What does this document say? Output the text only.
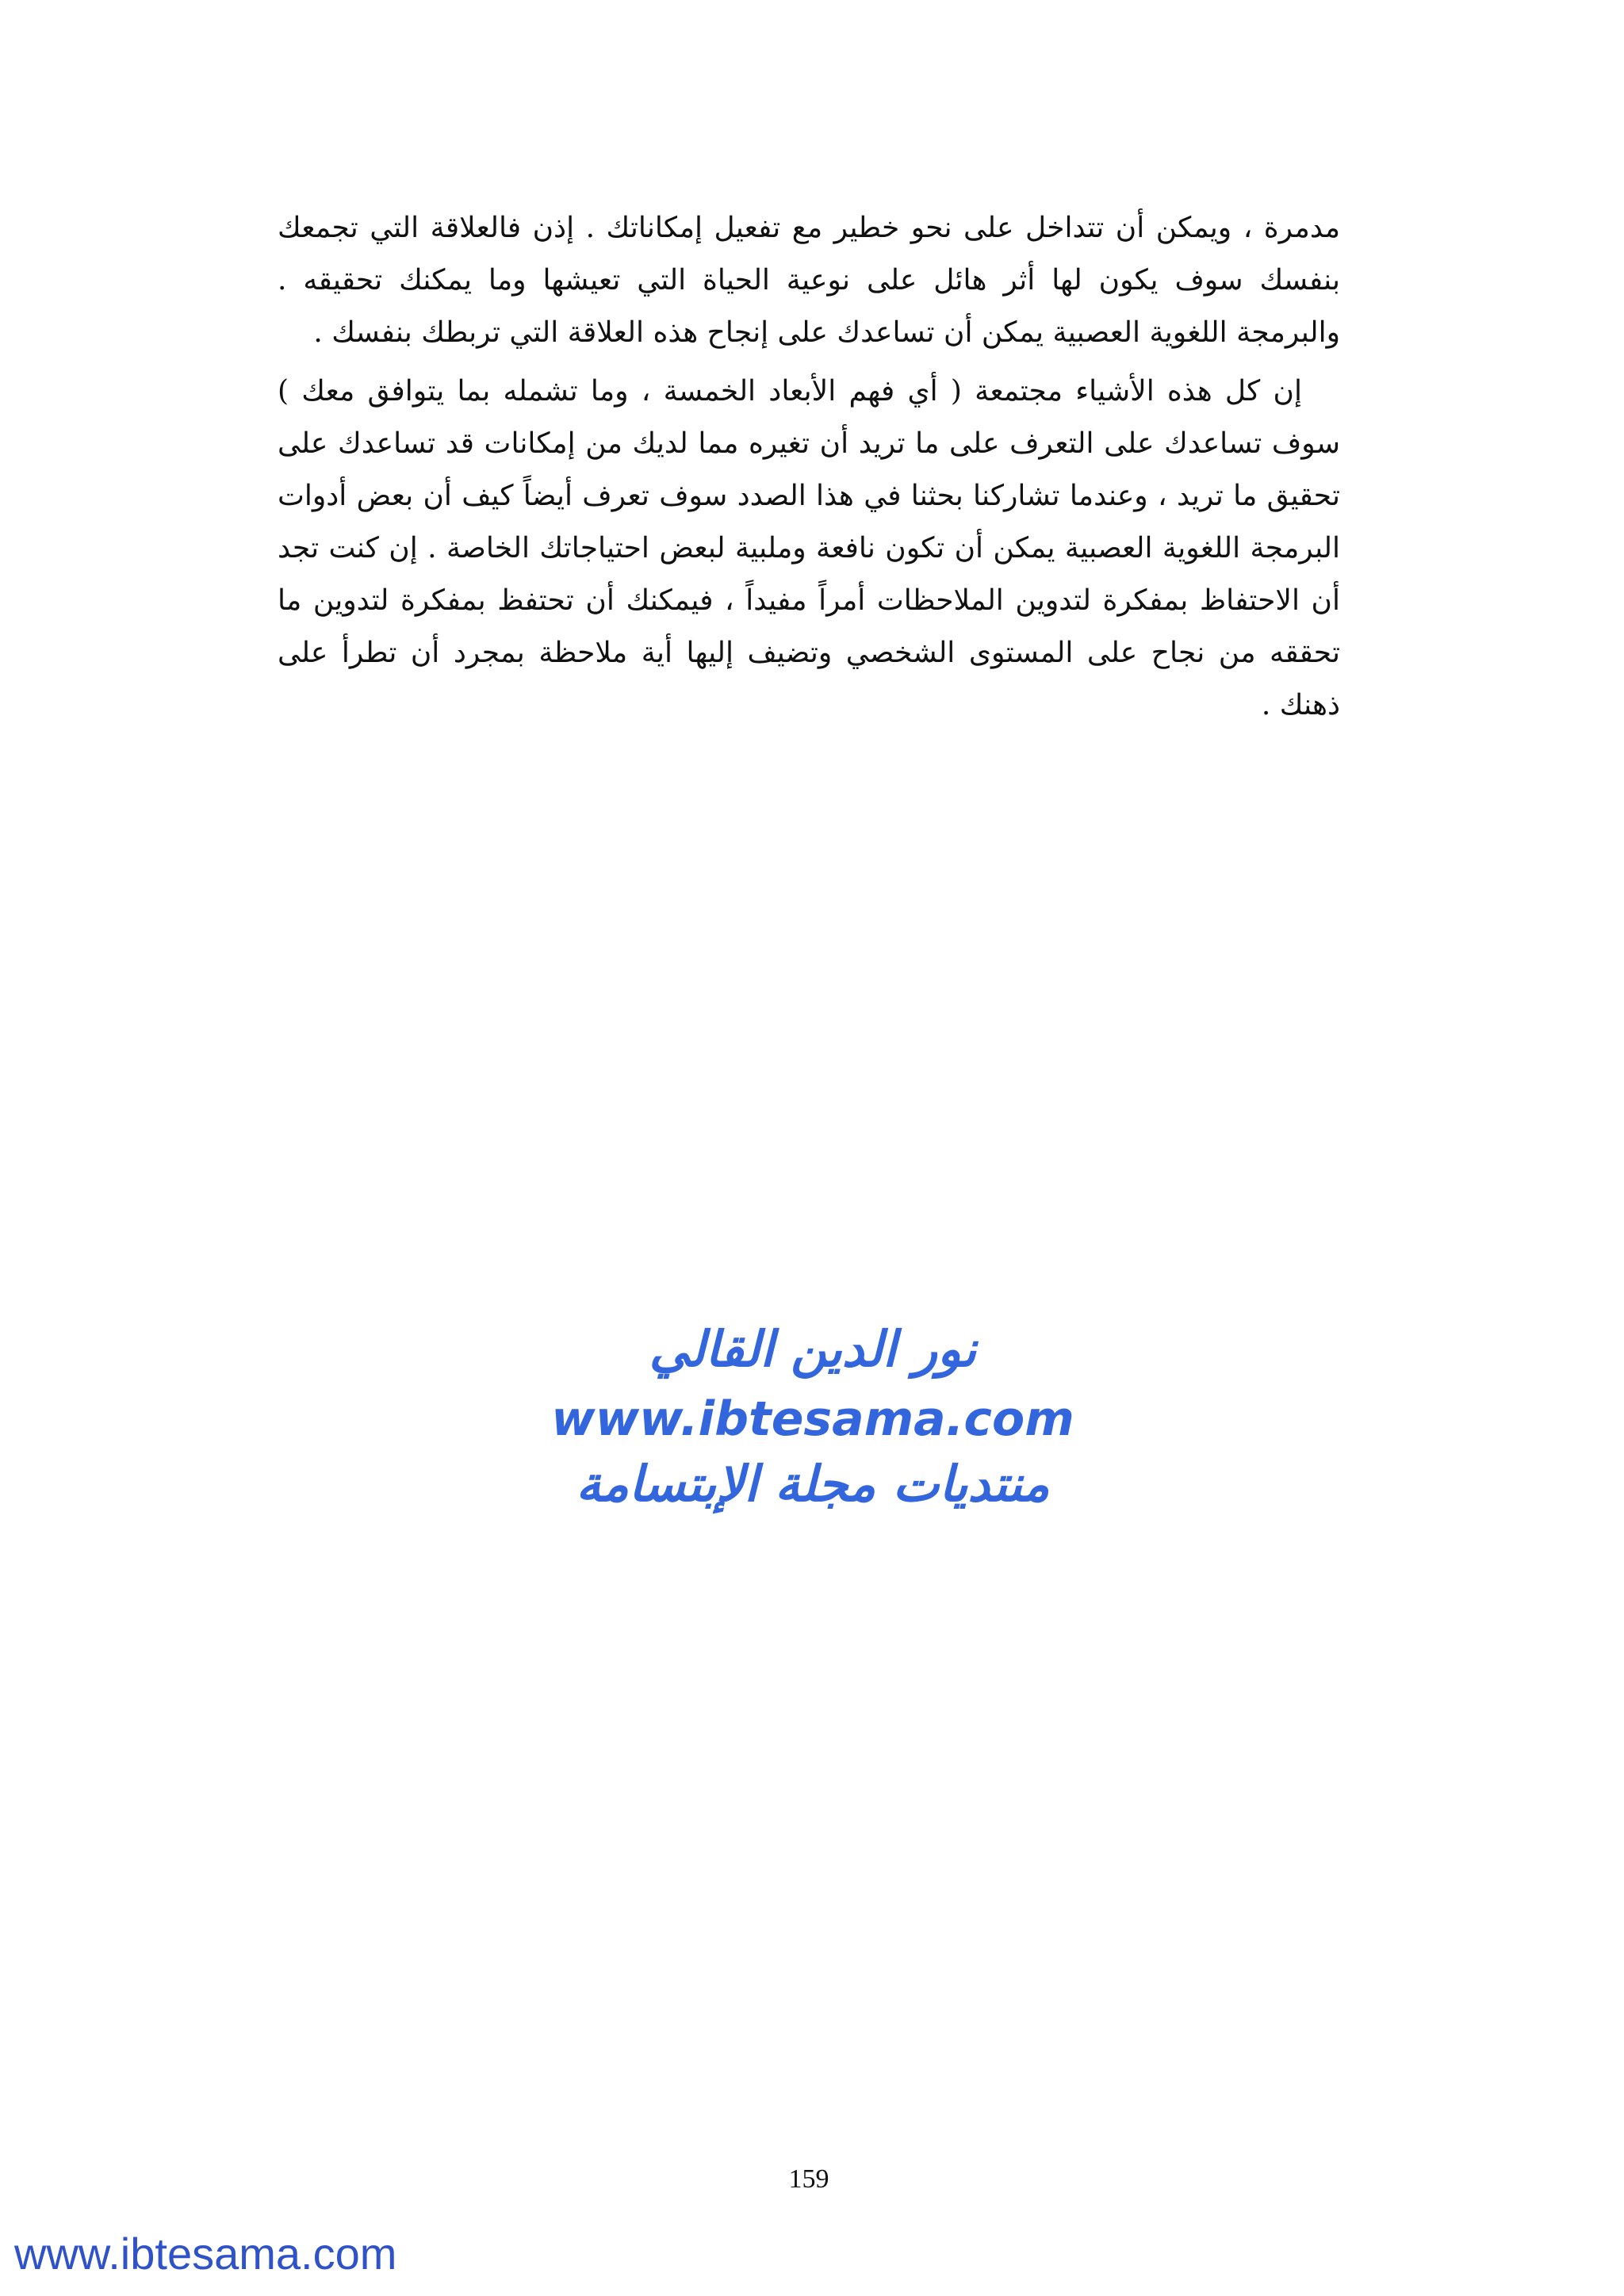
مدمرة ، ويمكن أن تتداخل على نحو خطير مع تفعيل إمكاناتك . إذن فالعلاقة التي تجمعك بنفسك سوف يكون لها أثر هائل على نوعية الحياة التي تعيشها وما يمكنك تحقيقه . والبرمجة اللغوية العصبية يمكن أن تساعدك على إنجاح هذه العلاقة التي تربطك بنفسك .

إن كل هذه الأشياء مجتمعة ( أي فهم الأبعاد الخمسة ، وما تشمله بما يتوافق معك ) سوف تساعدك على التعرف على ما تريد أن تغيره مما لديك من إمكانات قد تساعدك على تحقيق ما تريد ، وعندما تشاركنا بحثنا في هذا الصدد سوف تعرف أيضاً كيف أن بعض أدوات البرمجة اللغوية العصبية يمكن أن تكون نافعة وملبية لبعض احتياجاتك الخاصة . إن كنت تجد أن الاحتفاظ بمفكرة لتدوين الملاحظات أمراً مفيداً ، فيمكنك أن تحتفظ بمفكرة لتدوين ما تحققه من نجاح على المستوى الشخصي وتضيف إليها أية ملاحظة بمجرد أن تطرأ على ذهنك .

نور الدين القالي
www.ibtesama.com
منتديات مجلة الإبتسامة
159
www.ibtesama.com
